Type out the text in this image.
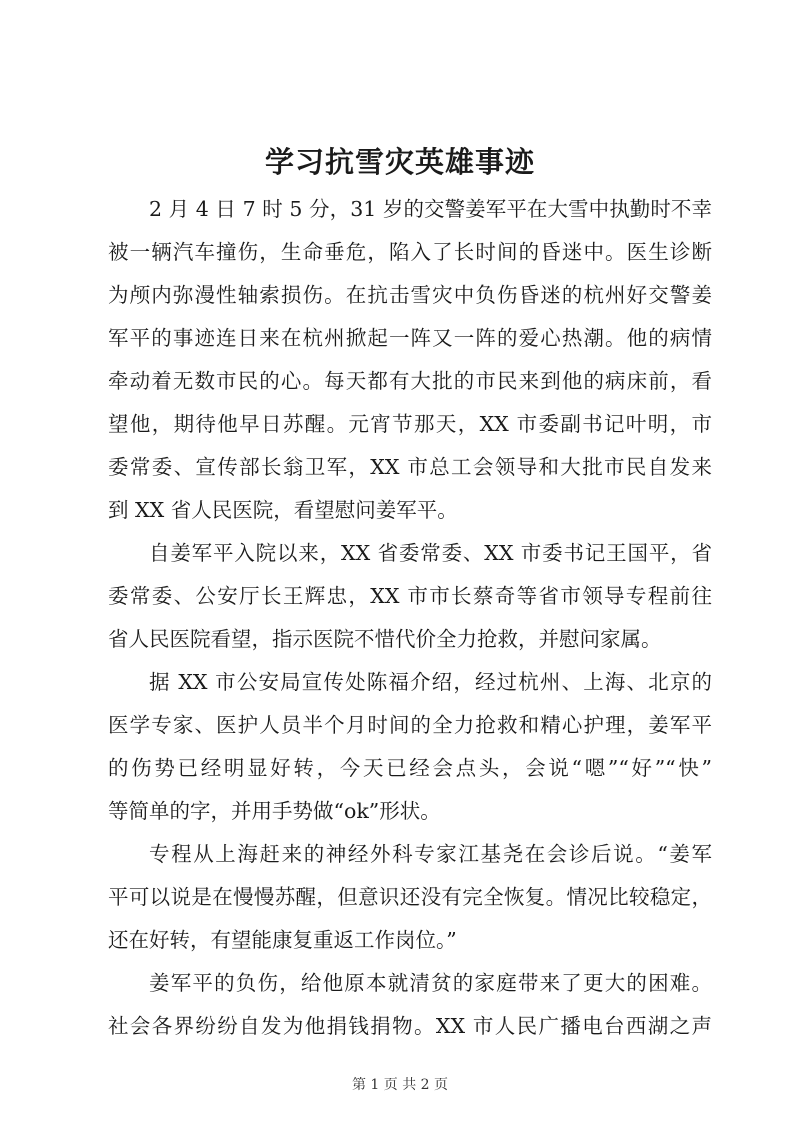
学习抗雪灾英雄事迹
2 月 4 日 7 时 5 分，31 岁的交警姜军平在大雪中执勤时不幸
被一辆汽车撞伤，生命垂危，陷入了长时间的昏迷中。医生诊断
为颅内弥漫性轴索损伤。在抗击雪灾中负伤昏迷的杭州好交警姜
军平的事迹连日来在杭州掀起一阵又一阵的爱心热潮。他的病情
牵动着无数市民的心。每天都有大批的市民来到他的病床前，看
望他，期待他早日苏醒。元宵节那天，XX 市委副书记叶明，市
委常委、宣传部长翁卫军，XX 市总工会领导和大批市民自发来
到 XX 省人民医院，看望慰问姜军平。
自姜军平入院以来，XX 省委常委、XX 市委书记王国平，省
委常委、公安厅长王辉忠，XX 市市长蔡奇等省市领导专程前往
省人民医院看望，指示医院不惜代价全力抢救，并慰问家属。
据 XX 市公安局宣传处陈福介绍，经过杭州、上海、北京的
医学专家、医护人员半个月时间的全力抢救和精心护理，姜军平
的伤势已经明显好转，今天已经会点头，会说“嗯”“好”“快”
等简单的字，并用手势做“ok”形状。
专程从上海赶来的神经外科专家江基尧在会诊后说。“姜军
平可以说是在慢慢苏醒，但意识还没有完全恢复。情况比较稳定，
还在好转，有望能康复重返工作岗位。”
姜军平的负伤，给他原本就清贫的家庭带来了更大的困难。
社会各界纷纷自发为他捐钱捐物。XX 市人民广播电台西湖之声
第 1 页 共 2 页
